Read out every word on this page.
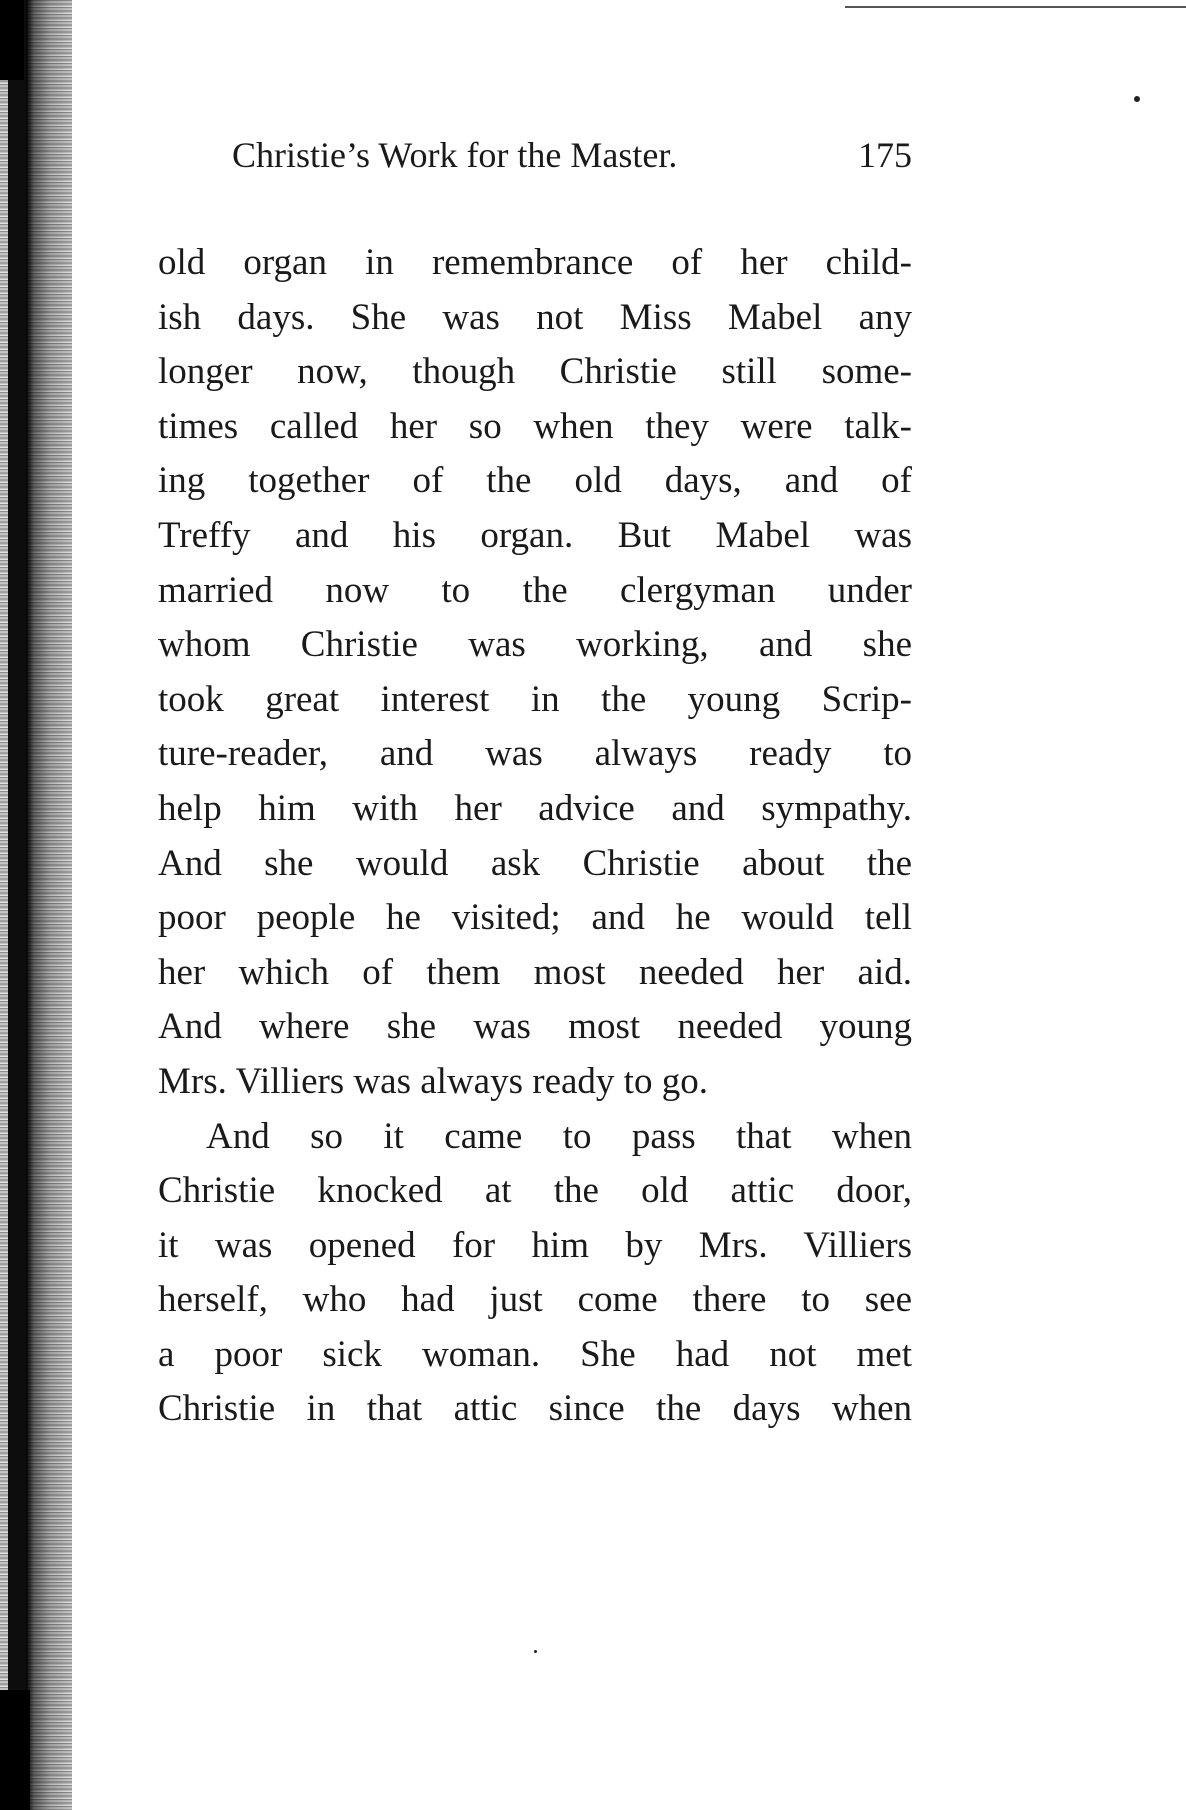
Christie’s Work for the Master.	175
old organ in remembrance of her child-
ish days. She was not Miss Mabel any
longer now, though Christie still some-
times called her so when they were talk-
ing together of the old days, and of
Treffy and his organ. But Mabel was
married now to the clergyman under
whom Christie was working, and she
took great interest in the young Scrip-
ture-reader, and was always ready to
help him with her advice and sympathy.
And she would ask Christie about the
poor people he visited; and he would tell
her which of them most needed her aid.
And where she was most needed young
Mrs. Villiers was always ready to go.
And so it came to pass that when
Christie knocked at the old attic door,
it was opened for him by Mrs. Villiers
herself, who had just come there to see
a poor sick woman. She had not met
Christie in that attic since the days when
